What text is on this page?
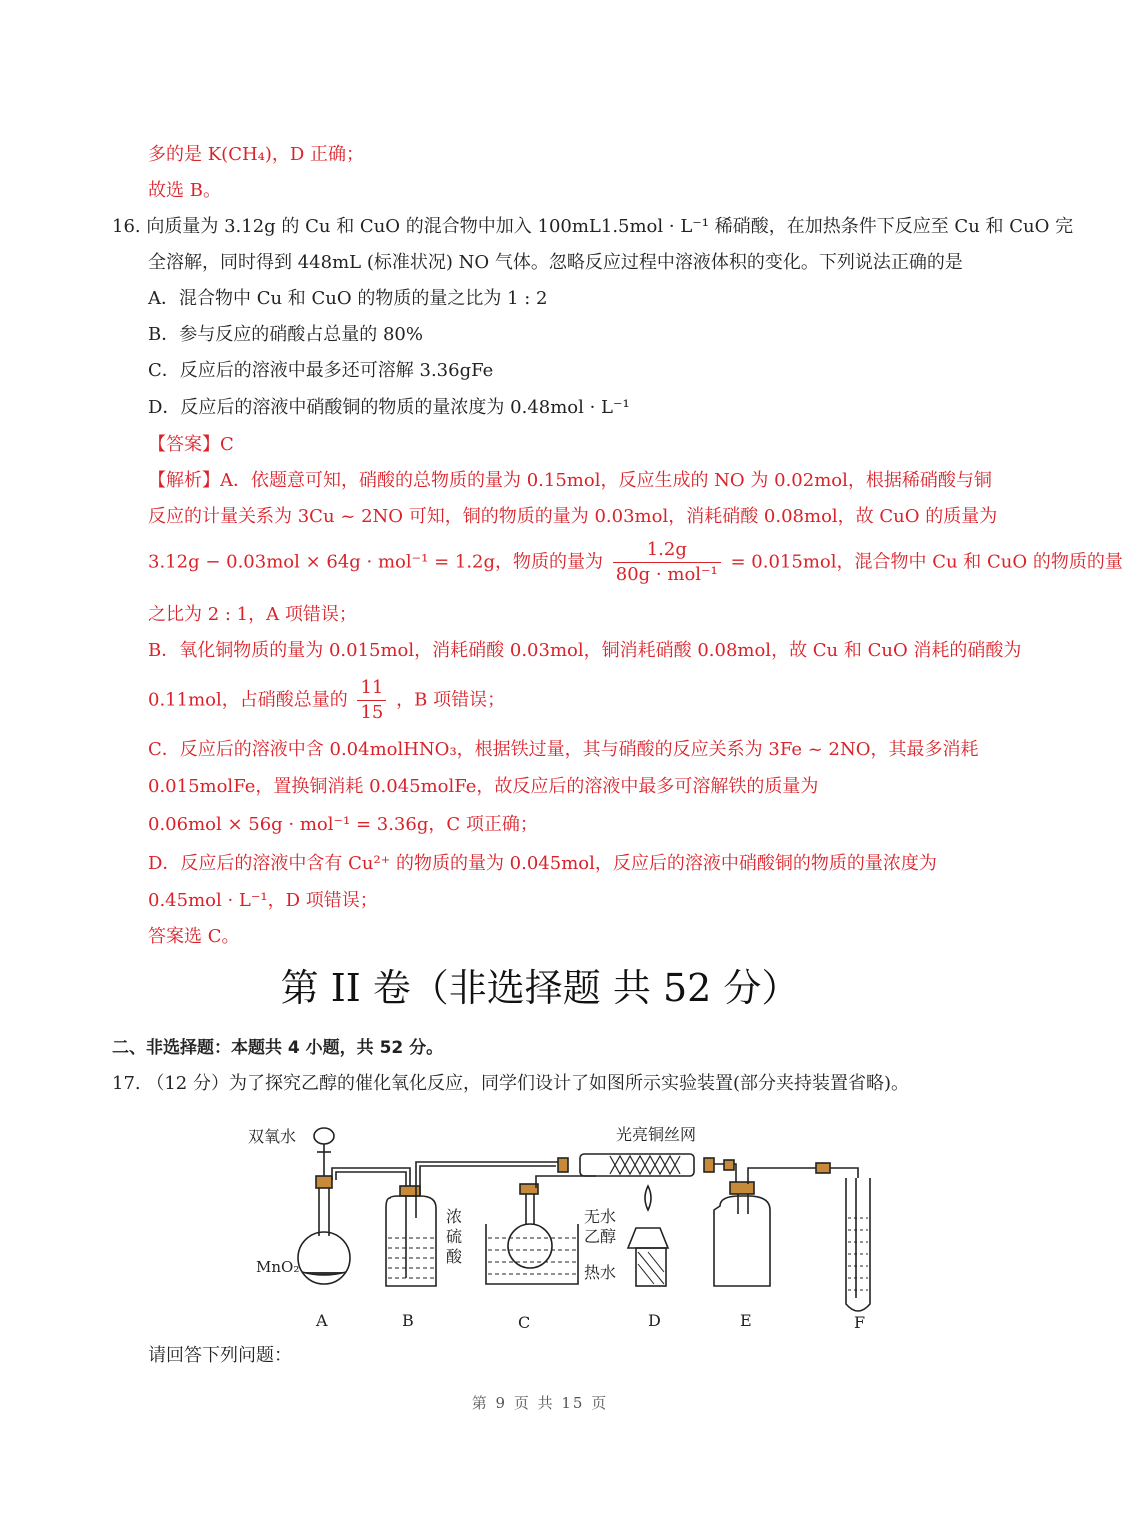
多的是 K(CH₄)，D 正确；
故选 B。
16. 向质量为 3.12g 的 Cu 和 CuO 的混合物中加入 100mL1.5mol · L⁻¹ 稀硝酸，在加热条件下反应至 Cu 和 CuO 完
全溶解，同时得到 448mL (标准状况) NO 气体。忽略反应过程中溶液体积的变化。下列说法正确的是
A．混合物中 Cu 和 CuO 的物质的量之比为 1 : 2
B．参与反应的硝酸占总量的 80%
C．反应后的溶液中最多还可溶解 3.36gFe
D．反应后的溶液中硝酸铜的物质的量浓度为 0.48mol · L⁻¹
【答案】C
【解析】A．依题意可知，硝酸的总物质的量为 0.15mol，反应生成的 NO 为 0.02mol，根据稀硝酸与铜
反应的计量关系为 3Cu ~ 2NO 可知，铜的物质的量为 0.03mol，消耗硝酸 0.08mol，故 CuO 的质量为
3.12g − 0.03mol × 64g · mol⁻¹ = 1.2g，物质的量为 $\frac{1.2g}{\text{80g · mol⁻¹}} = 0.015mol$，混合物中 Cu 和 CuO 的物质的量
之比为 2 : 1，A 项错误；
B．氧化铜物质的量为 0.015mol，消耗硝酸 0.03mol，铜消耗硝酸 0.08mol，故 Cu 和 CuO 消耗的硝酸为
0.11mol，占硝酸总量的 $\frac{11}{15}$ ，B 项错误；
C．反应后的溶液中含 0.04molHNO₃，根据铁过量，其与硝酸的反应关系为 3Fe ~ 2NO，其最多消耗
0.015molFe，置换铜消耗 0.045molFe，故反应后的溶液中最多可溶解铁的质量为
0.06mol × 56g · mol⁻¹ = 3.36g，C 项正确；
D．反应后的溶液中含有 Cu²⁺ 的物质的量为 0.045mol，反应后的溶液中硝酸铜的物质的量浓度为
0.45mol · L⁻¹，D 项错误；
答案选 C。
第 II 卷（非选择题 共 52 分）
二、非选择题：本题共 4 小题，共 52 分。
17. （12 分）为了探究乙醇的催化氧化反应，同学们设计了如图所示实验装置(部分夹持装置省略)。
双氧水
MnO₂
浓
硫
酸
光亮铜丝网
无水
乙醇
热水
A	B	C	D	E	F
请回答下列问题：
第 9 页 共 15 页
